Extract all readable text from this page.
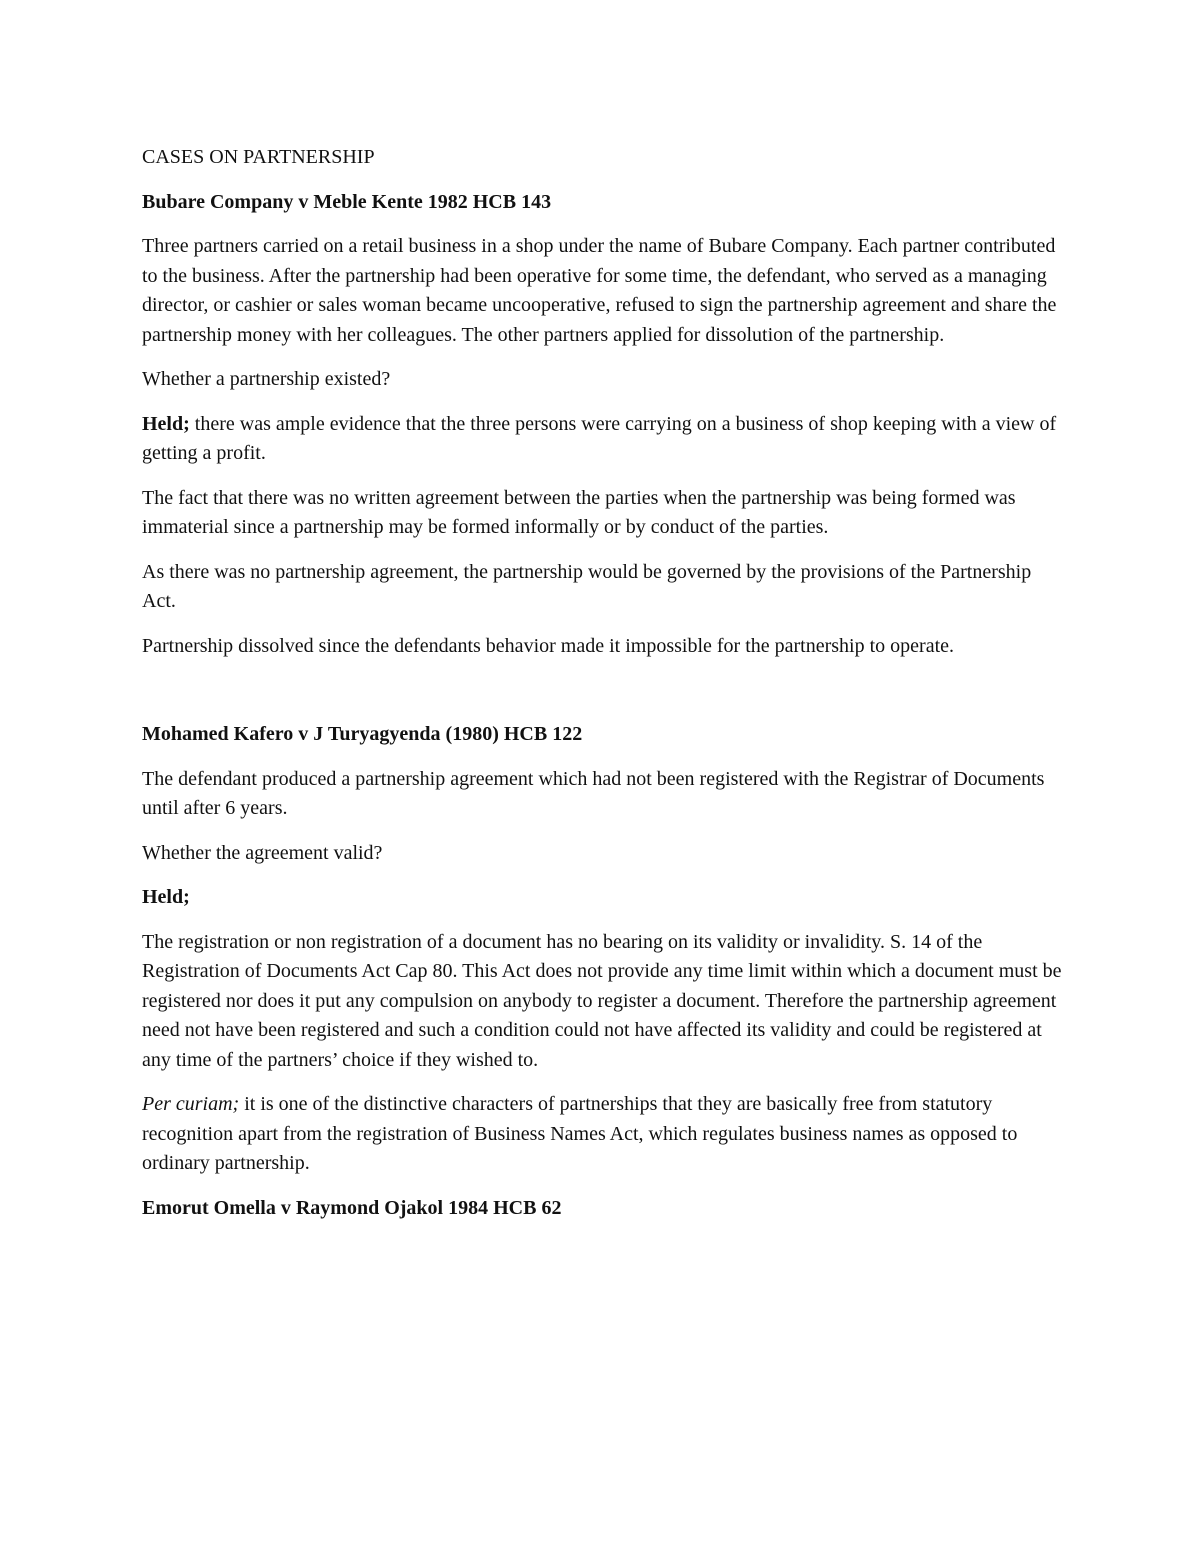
CASES ON PARTNERSHIP

Bubare Company v Meble Kente 1982 HCB 143

Three partners carried on a retail business in a shop under the name of Bubare Company. Each partner contributed to the business. After the partnership had been operative for some time, the defendant, who served as a managing director, or cashier or sales woman became uncooperative, refused to sign the partnership agreement and share the partnership money with her colleagues. The other partners applied for dissolution of the partnership.

Whether a partnership existed?

Held; there was ample evidence that the three persons were carrying on a business of shop keeping with a view of getting a profit.

The fact that there was no written agreement between the parties when the partnership was being formed was immaterial since a partnership may be formed informally or by conduct of the parties.

As there was no partnership agreement, the partnership would be governed by the provisions of the Partnership Act.

Partnership dissolved since the defendants behavior made it impossible for the partnership to operate.

Mohamed Kafero v J Turyagyenda (1980) HCB 122

The defendant produced a partnership agreement which had not been registered with the Registrar of Documents until after 6 years.

Whether the agreement valid?

Held;

The registration or non registration of a document has no bearing on its validity or invalidity. S. 14 of the Registration of Documents Act Cap 80. This Act does not provide any time limit within which a document must be registered nor does it put any compulsion on anybody to register a document. Therefore the partnership agreement need not have been registered and such a condition could not have affected its validity and could be registered at any time of the partners’ choice if they wished to.

Per curiam; it is one of the distinctive characters of partnerships that they are basically free from statutory recognition apart from the registration of Business Names Act, which regulates business names as opposed to ordinary partnership.

Emorut Omella v Raymond Ojakol 1984 HCB 62
